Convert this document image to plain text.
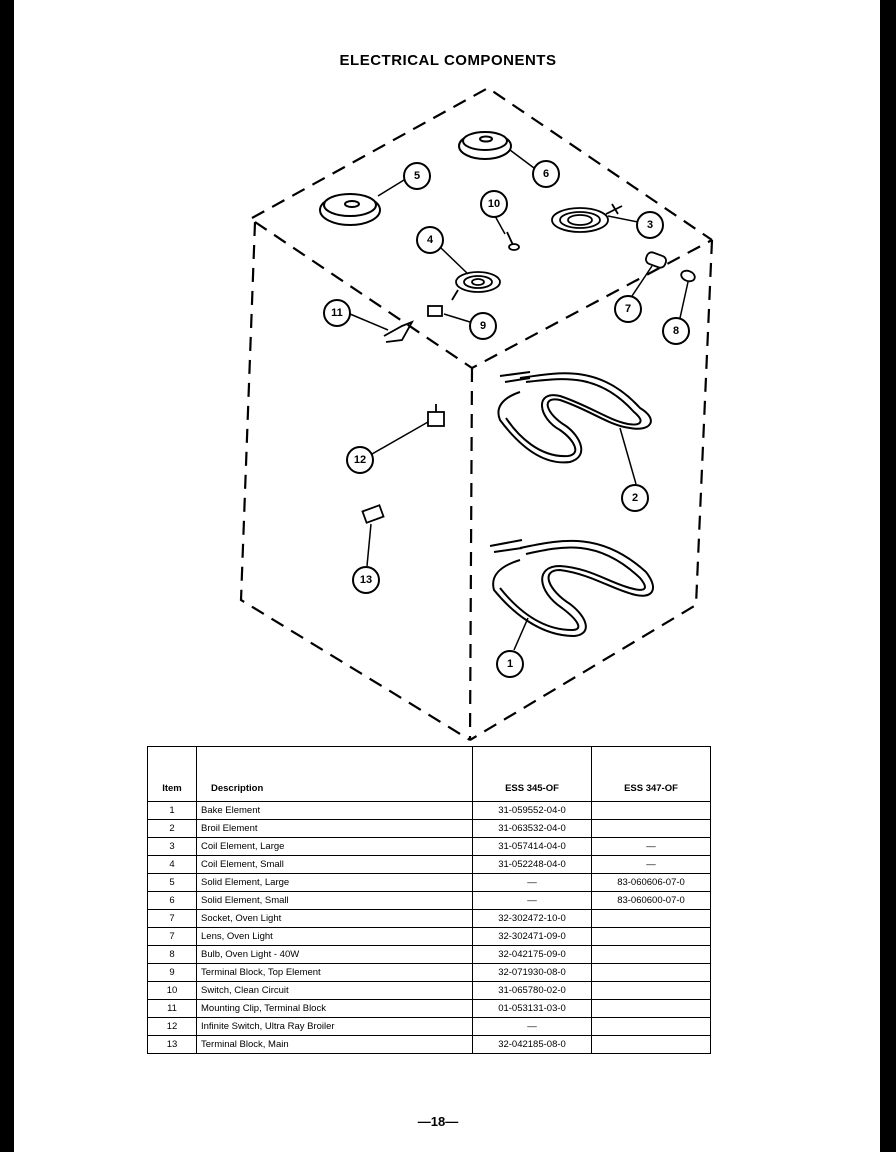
ELECTRICAL COMPONENTS
1
2
3
4
5	6
7
8
9
10
11
12
13
Item	Description	ESS 345-OF	ESS 347-OF
1	Bake Element	31-059552-04-0	
2	Broil Element	31-063532-04-0	
3	Coil Element, Large	31-057414-04-0	—
4	Coil Element, Small	31-052248-04-0	—
5	Solid Element, Large	—	83-060606-07-0
6	Solid Element, Small	—	83-060600-07-0
7	Socket, Oven Light	32-302472-10-0	
7	Lens, Oven Light	32-302471-09-0	
8	Bulb, Oven Light - 40W	32-042175-09-0	
9	Terminal Block, Top Element	32-071930-08-0	
10	Switch, Clean Circuit	31-065780-02-0	
11	Mounting Clip, Terminal Block	01-053131-03-0	
12	Infinite Switch, Ultra Ray Broiler	—	
13	Terminal Block, Main	32-042185-08-0	
—18—
